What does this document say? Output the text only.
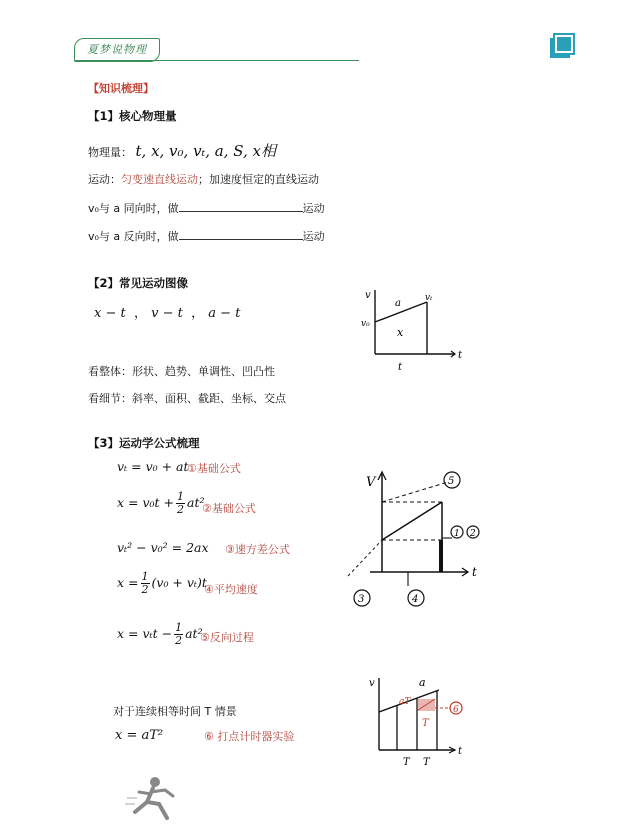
夏梦说物理
【知识梳理】
【1】核心物理量
物理量： t, x, v₀, vₜ, a, S, x相
运动：匀变速直线运动；加速度恒定的直线运动
v₀与 a 同向时，做	运动
v₀与 a 反向时，做	运动
【2】常见运动图像
x − t  ， v − t  ， a − t
看整体：形状、趋势、单调性、凹凸性
看细节：斜率、面积、截距、坐标、交点
v
t
a
v₀
vₜ
x
t
【3】运动学公式梳理
vₜ = v₀ + at
①基础公式
$x = v_0t + \frac{1}{2} at^2$
②基础公式
vₜ² − v₀² = 2ax ③速方差公式
$x = \frac{1}{2} (v_0 + v_t)t$
④平均速度
$x = v_tt - \frac{1}{2} at^2$
⑤反向过程
对于连续相等时间 T 情景
x = aT²	⑥ 打点计时器实验
V
t
5
1 2
3	4
6
v
t
a
aT
T
T T
